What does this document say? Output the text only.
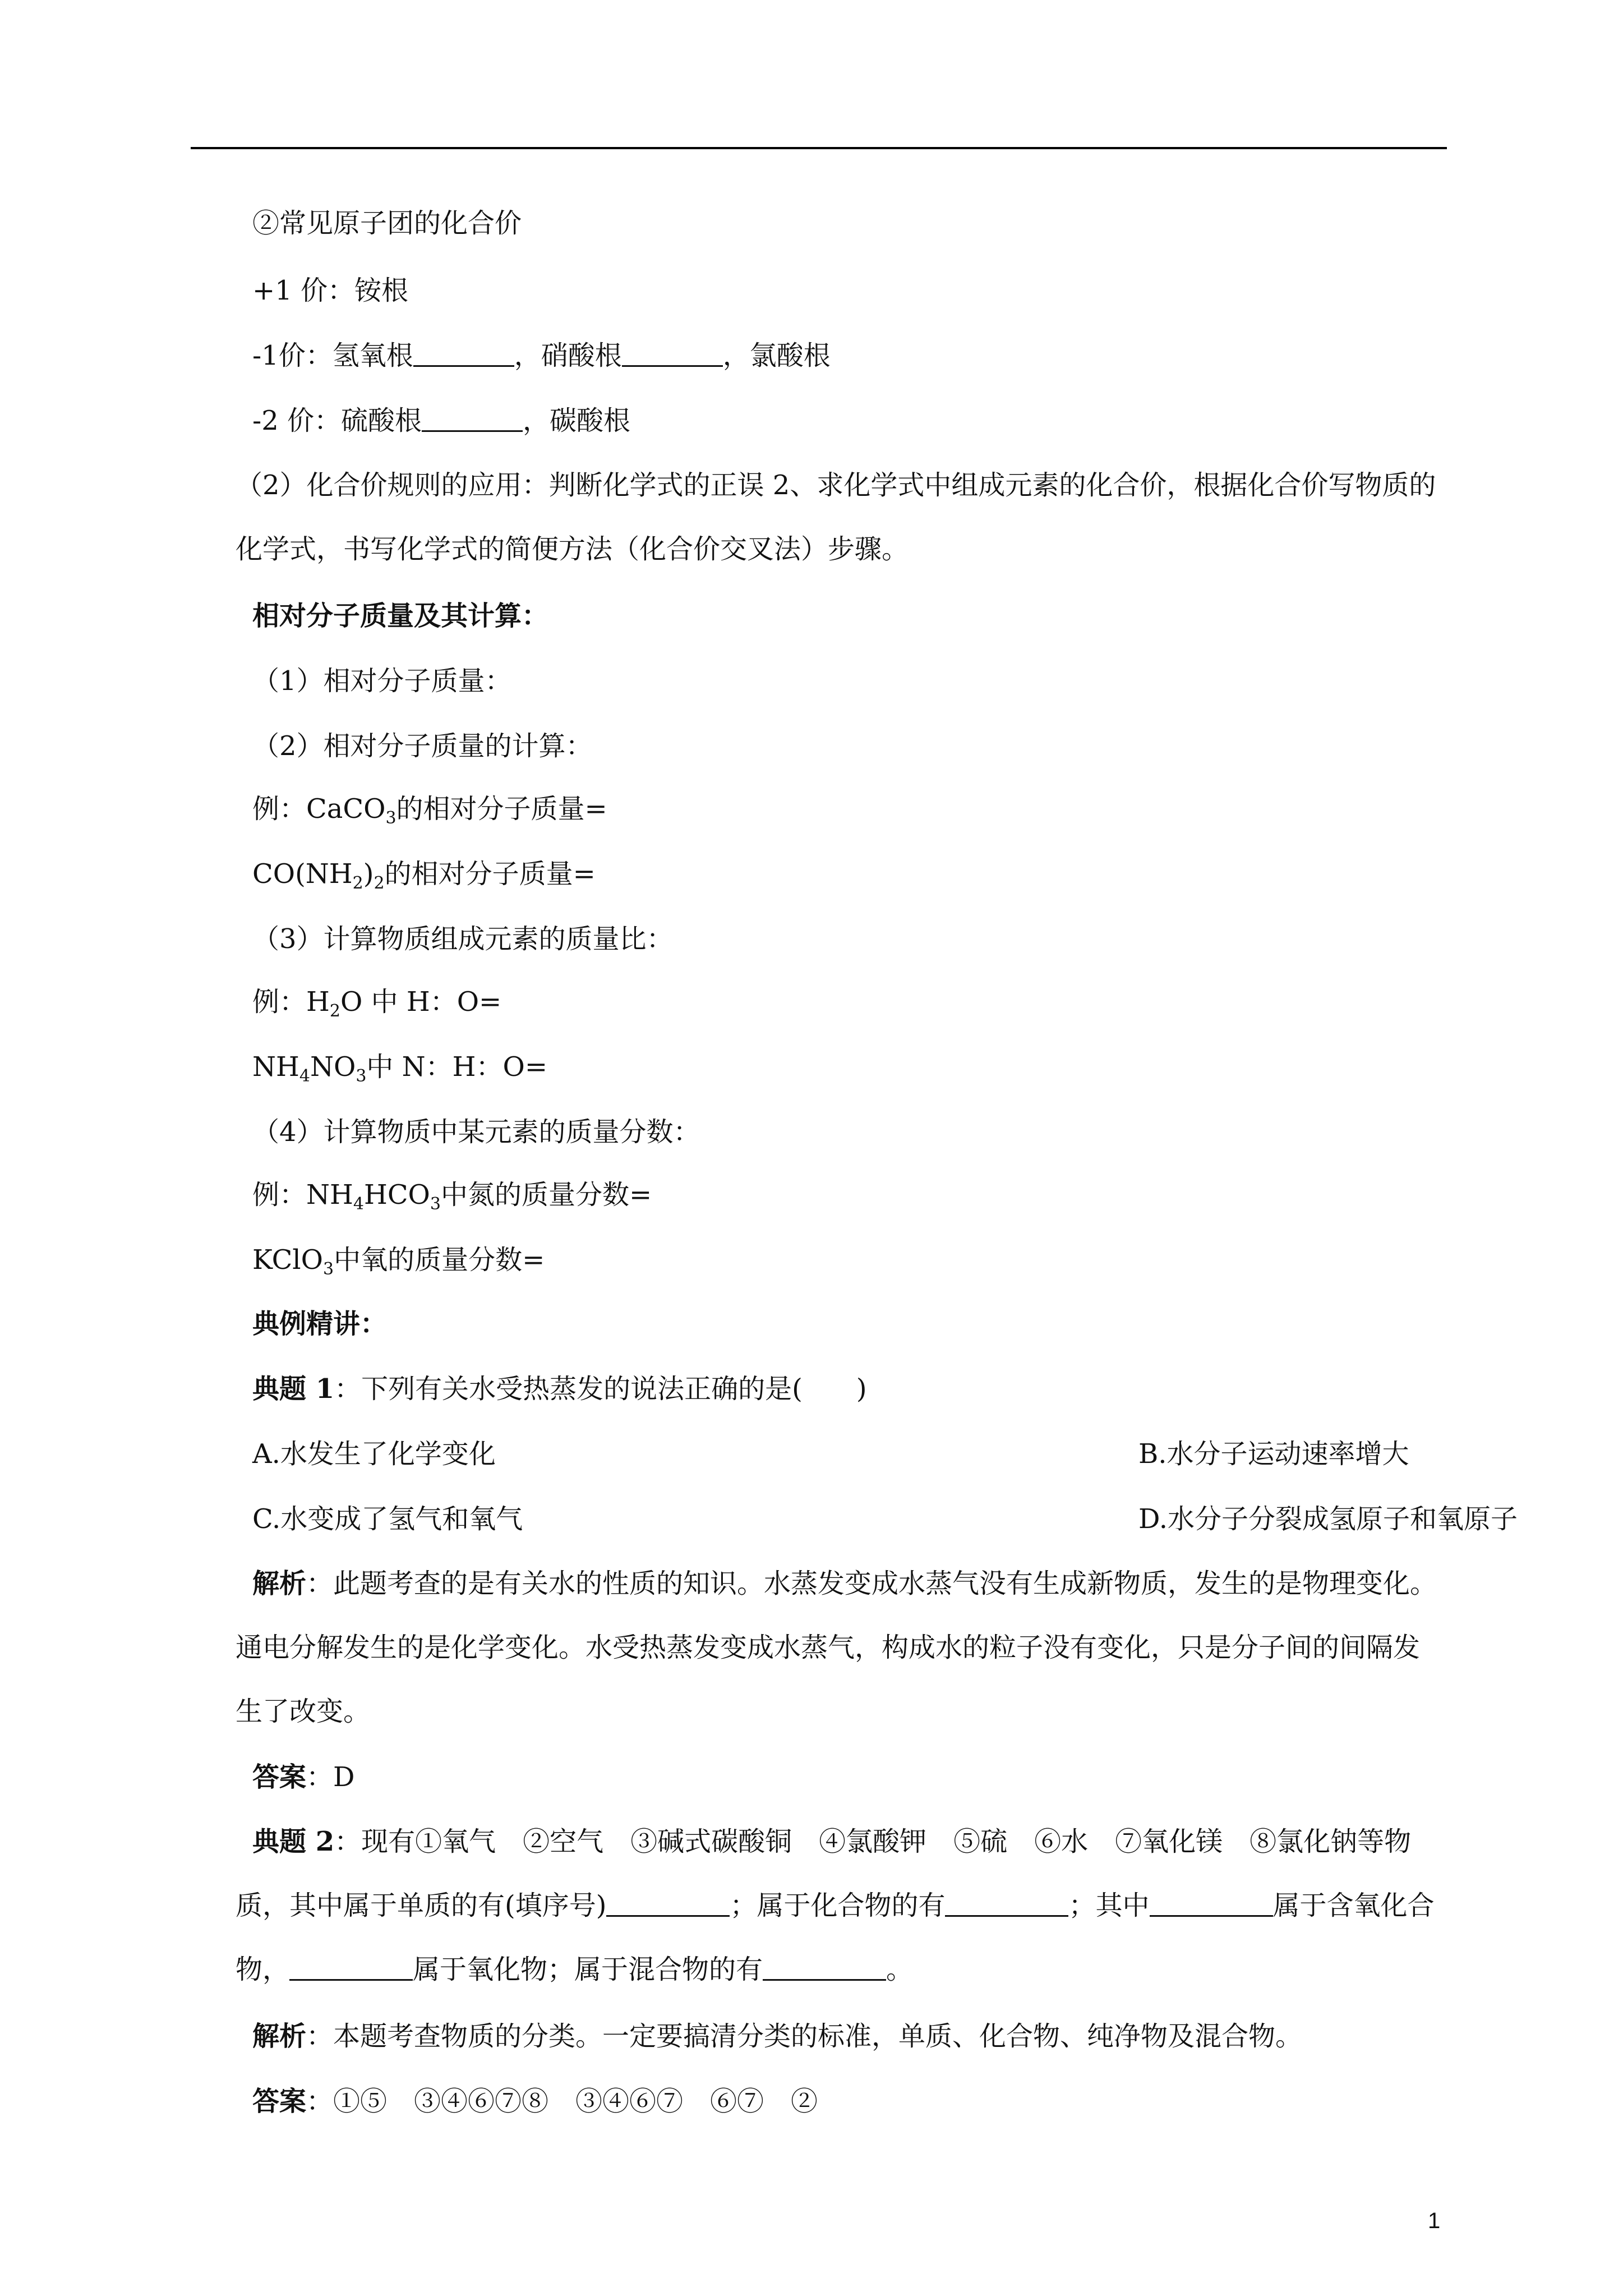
②常见原子团的化合价
+1 价：铵根
-1价：氢氧根	，硝酸根	，氯酸根
-2 价：硫酸根	，碳酸根
（2）化合价规则的应用：判断化学式的正误 2、求化学式中组成元素的化合价，根据化合价写物质的化学式，书写化学式的简便方法（化合价交叉法）步骤。
相对分子质量及其计算：
（1）相对分子质量：
（2）相对分子质量的计算：
例：CaCO$_3$的相对分子质量=
$CO(NH_2)_2$的相对分子质量=
（3）计算物质组成元素的质量比：
例：$H_2O$ 中 H：O=
$NH_4NO_3$中 N：H：O=
（4）计算物质中某元素的质量分数：
例：$NH_4HCO_3$中氮的质量分数=
KClO$_3$中氧的质量分数=
典例精讲：
典题 1：下列有关水受热蒸发的说法正确的是(　　)
A.水发生了化学变化	B.水分子运动速率增大
C.水变成了氢气和氧气	D.水分子分裂成氢原子和氧原子
解析：此题考查的是有关水的性质的知识。水蒸发变成水蒸气没有生成新物质，发生的是物理变化。通电分解发生的是化学变化。水受热蒸发变成水蒸气，构成水的粒子没有变化，只是分子间的间隔发生了改变。
答案：D
典题 2：现有①氧气　②空气　③碱式碳酸铜　④氯酸钾　⑤硫　⑥水　⑦氧化镁　⑧氯化钠等物质，其中属于单质的有(填序号)	；属于化合物的有	；其中	属于含氧化合物，	属于氧化物；属于混合物的有	。
解析：本题考查物质的分类。一定要搞清分类的标准，单质、化合物、纯净物及混合物。
答案：①⑤　③④⑥⑦⑧　③④⑥⑦　⑥⑦　②
1
